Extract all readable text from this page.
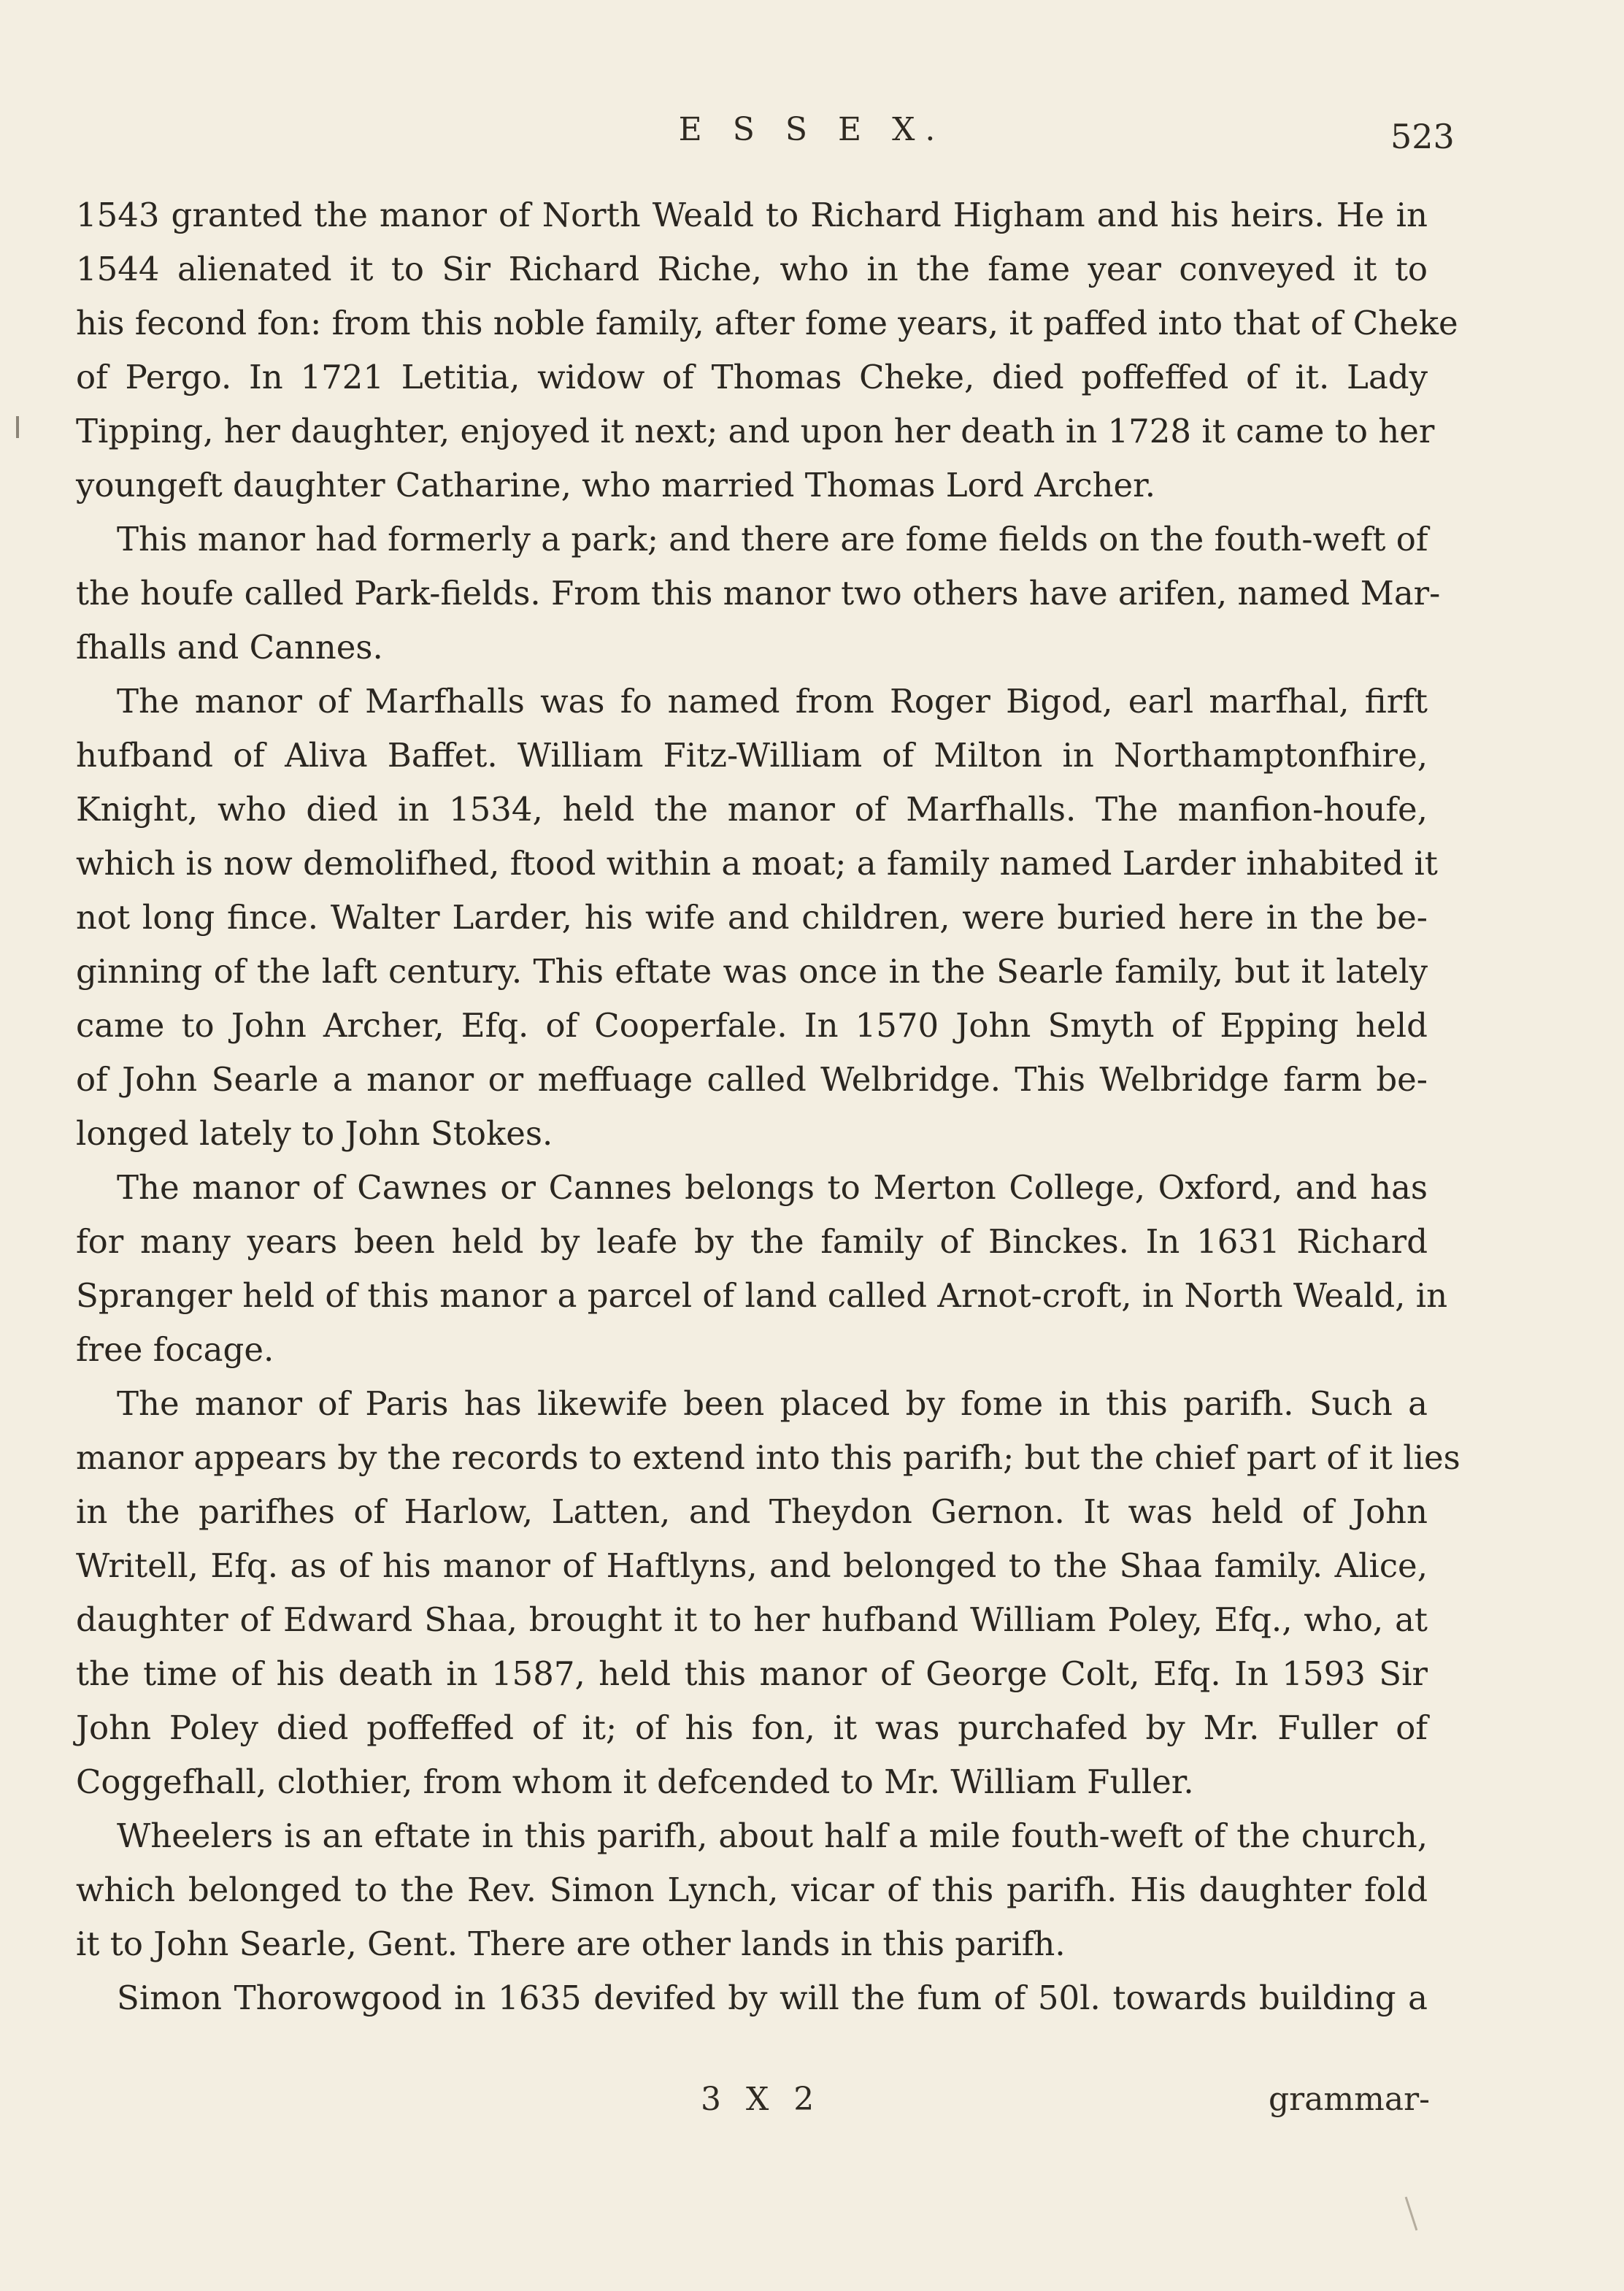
E S S E X.	523
1543 granted the manor of North Weald to Richard Higham and his heirs. He in
1544 alienated it to Sir Richard Riche, who in the fame year conveyed it to
his fecond fon: from this noble family, after fome years, it paffed into that of Cheke
of Pergo. In 1721 Letitia, widow of Thomas Cheke, died poffeffed of it. Lady
Tipping, her daughter, enjoyed it next; and upon her death in 1728 it came to her
youngeft daughter Catharine, who married Thomas Lord Archer.
This manor had formerly a park; and there are fome fields on the fouth-weft of
the houfe called Park-fields. From this manor two others have arifen, named Mar-
fhalls and Cannes.
The manor of Marfhalls was fo named from Roger Bigod, earl marfhal, firft
hufband of Aliva Baffet. William Fitz-William of Milton in Northamptonfhire,
Knight, who died in 1534, held the manor of Marfhalls. The manfion-houfe,
which is now demolifhed, ftood within a moat; a family named Larder inhabited it
not long fince. Walter Larder, his wife and children, were buried here in the be-
ginning of the laft century. This eftate was once in the Searle family, but it lately
came to John Archer, Efq. of Cooperfale. In 1570 John Smyth of Epping held
of John Searle a manor or meffuage called Welbridge. This Welbridge farm be-
longed lately to John Stokes.
The manor of Cawnes or Cannes belongs to Merton College, Oxford, and has
for many years been held by leafe by the family of Binckes. In 1631 Richard
Spranger held of this manor a parcel of land called Arnot-croft, in North Weald, in
free focage.
The manor of Paris has likewife been placed by fome in this parifh. Such a
manor appears by the records to extend into this parifh; but the chief part of it lies
in the parifhes of Harlow, Latten, and Theydon Gernon. It was held of John
Writell, Efq. as of his manor of Haftlyns, and belonged to the Shaa family. Alice,
daughter of Edward Shaa, brought it to her hufband William Poley, Efq., who, at
the time of his death in 1587, held this manor of George Colt, Efq. In 1593 Sir
John Poley died poffeffed of it; of his fon, it was purchafed by Mr. Fuller of
Coggefhall, clothier, from whom it defcended to Mr. William Fuller.
Wheelers is an eftate in this parifh, about half a mile fouth-weft of the church,
which belonged to the Rev. Simon Lynch, vicar of this parifh. His daughter fold
it to John Searle, Gent. There are other lands in this parifh.
Simon Thorowgood in 1635 devifed by will the fum of 50l. towards building a
3 X 2	grammar-
